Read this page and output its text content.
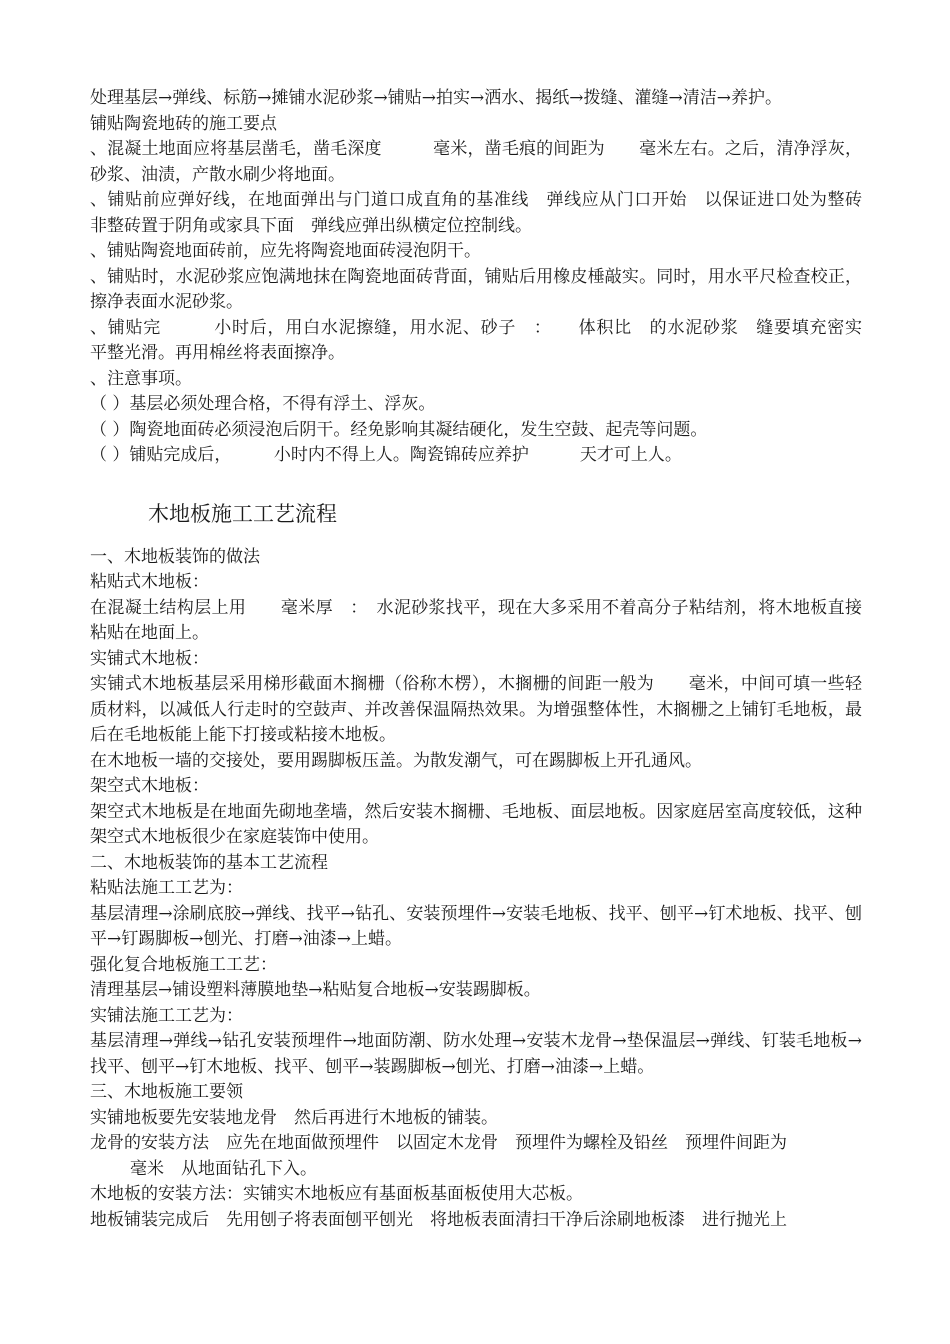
处理基层→弹线、标筋→摊铺水泥砂浆→铺贴→拍实→洒水、揭纸→拨缝、灌缝→清洁→养护。

铺贴陶瓷地砖的施工要点

、混凝土地面应将基层凿毛，凿毛深度　　　毫米，凿毛痕的间距为　　毫米左右。之后，清净浮灰，砂浆、油渍，产散水刷少将地面。

、铺贴前应弹好线，在地面弹出与门道口成直角的基准线　弹线应从门口开始　以保证进口处为整砖　非整砖置于阴角或家具下面　弹线应弹出纵横定位控制线。

、铺贴陶瓷地面砖前，应先将陶瓷地面砖浸泡阴干。

、铺贴时，水泥砂浆应饱满地抹在陶瓷地面砖背面，铺贴后用橡皮棰敲实。同时，用水平尺检查校正，擦净表面水泥砂浆。

、铺贴完　　　小时后，用白水泥擦缝，用水泥、砂子　：　　体积比　的水泥砂浆　缝要填充密实　平整光滑。再用棉丝将表面擦净。

、注意事项。

（ ）基层必须处理合格，不得有浮土、浮灰。

（ ）陶瓷地面砖必须浸泡后阴干。经免影响其凝结硬化，发生空鼓、起壳等问题。

（ ）铺贴完成后，　　　小时内不得上人。陶瓷锦砖应养护　　　天才可上人。

木地板施工工艺流程

一、木地板装饰的做法

粘贴式木地板：

在混凝土结构层上用　　毫米厚　：　水泥砂浆找平，现在大多采用不着高分子粘结剂，将木地板直接粘贴在地面上。

实铺式木地板：

实铺式木地板基层采用梯形截面木搁栅（俗称木楞），木搁栅的间距一般为　　毫米，中间可填一些轻质材料，以减低人行走时的空鼓声、并改善保温隔热效果。为增强整体性，木搁栅之上铺钉毛地板，最后在毛地板能上能下打接或粘接木地板。

在木地板一墙的交接处，要用踢脚板压盖。为散发潮气，可在踢脚板上开孔通风。

架空式木地板：

架空式木地板是在地面先砌地垄墙，然后安装木搁栅、毛地板、面层地板。因家庭居室高度较低，这种架空式木地板很少在家庭装饰中使用。

二、木地板装饰的基本工艺流程

粘贴法施工工艺为：

基层清理→涂刷底胶→弹线、找平→钻孔、安装预埋件→安装毛地板、找平、刨平→钉术地板、找平、刨平→钉踢脚板→刨光、打磨→油漆→上蜡。

强化复合地板施工工艺：

清理基层→铺设塑料薄膜地垫→粘贴复合地板→安装踢脚板。

实铺法施工工艺为：

基层清理→弹线→钻孔安装预埋件→地面防潮、防水处理→安装木龙骨→垫保温层→弹线、钉装毛地板→找平、刨平→钉木地板、找平、刨平→装踢脚板→刨光、打磨→油漆→上蜡。

三、木地板施工要领

实铺地板要先安装地龙骨　然后再进行木地板的铺装。

龙骨的安装方法　应先在地面做预埋件　以固定木龙骨　预埋件为螺栓及铅丝　预埋件间距为

毫米　从地面钻孔下入。

木地板的安装方法：实铺实木地板应有基面板基面板使用大芯板。

地板铺装完成后　先用刨子将表面刨平刨光　将地板表面清扫干净后涂刷地板漆　进行抛光上
